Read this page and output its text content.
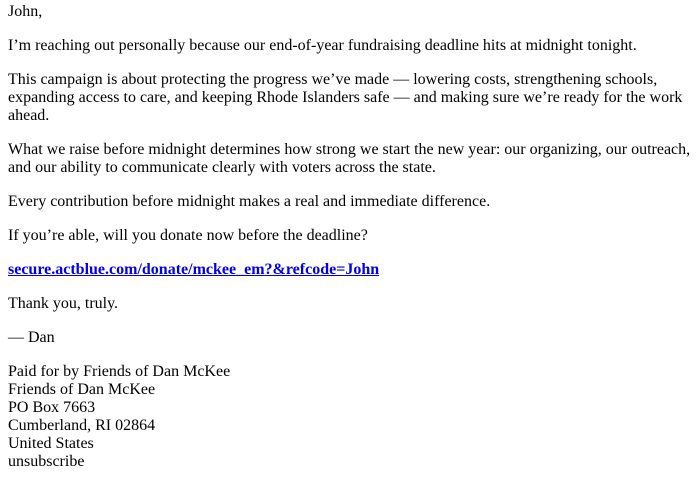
John,

I’m reaching out personally because our end-of-year fundraising deadline hits at midnight tonight.

This campaign is about protecting the progress we’ve made — lowering costs, strengthening schools, expanding access to care, and keeping Rhode Islanders safe — and making sure we’re ready for the work ahead.

What we raise before midnight determines how strong we start the new year: our organizing, our outreach, and our ability to communicate clearly with voters across the state.

Every contribution before midnight makes a real and immediate difference.

If you’re able, will you donate now before the deadline?

secure.actblue.com/donate/mckee_em?&refcode=John

Thank you, truly.

— Dan

Paid for by Friends of Dan McKee
Friends of Dan McKee
PO Box 7663
Cumberland, RI 02864
United States
unsubscribe
